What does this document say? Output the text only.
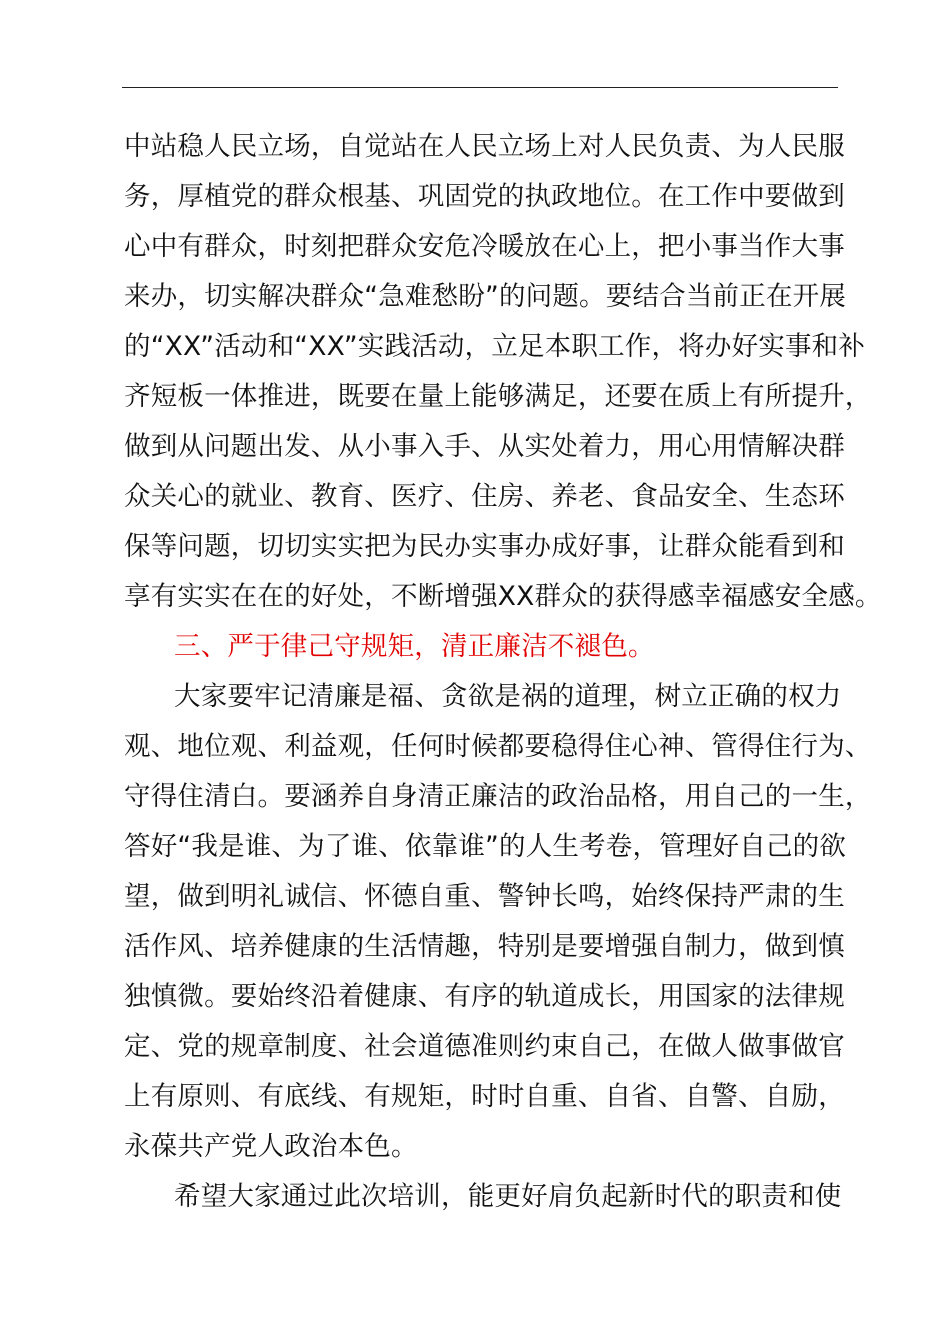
中站稳人民立场，自觉站在人民立场上对人民负责、为人民服
务，厚植党的群众根基、巩固党的执政地位。在工作中要做到
心中有群众，时刻把群众安危冷暖放在心上，把小事当作大事
来办，切实解决群众“急难愁盼”的问题。要结合当前正在开展
的“XX”活动和“XX”实践活动，立足本职工作，将办好实事和补
齐短板一体推进，既要在量上能够满足，还要在质上有所提升，
做到从问题出发、从小事入手、从实处着力，用心用情解决群
众关心的就业、教育、医疗、住房、养老、食品安全、生态环
保等问题，切切实实把为民办实事办成好事，让群众能看到和
享有实实在在的好处，不断增强XX群众的获得感幸福感安全感。
三、严于律己守规矩，清正廉洁不褪色。
大家要牢记清廉是福、贪欲是祸的道理，树立正确的权力
观、地位观、利益观，任何时候都要稳得住心神、管得住行为、
守得住清白。要涵养自身清正廉洁的政治品格，用自己的一生，
答好“我是谁、为了谁、依靠谁”的人生考卷，管理好自己的欲
望，做到明礼诚信、怀德自重、警钟长鸣，始终保持严肃的生
活作风、培养健康的生活情趣，特别是要增强自制力，做到慎
独慎微。要始终沿着健康、有序的轨道成长，用国家的法律规
定、党的规章制度、社会道德准则约束自己，在做人做事做官
上有原则、有底线、有规矩，时时自重、自省、自警、自励，
永葆共产党人政治本色。
希望大家通过此次培训，能更好肩负起新时代的职责和使
